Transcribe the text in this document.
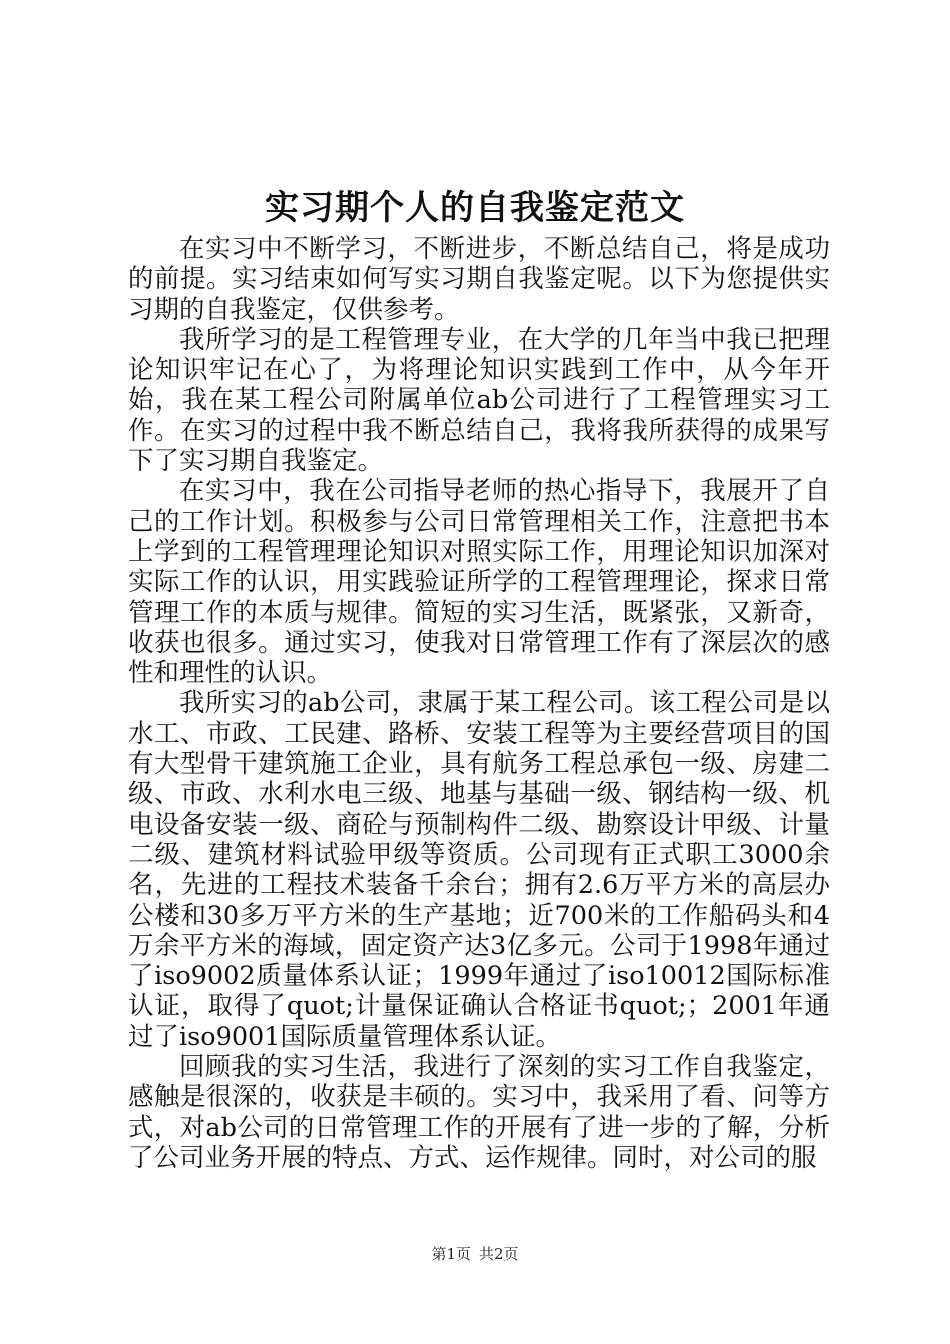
实习期个人的自我鉴定范文

在实习中不断学习，不断进步，不断总结自己，将是成功的前提。实习结束如何写实习期自我鉴定呢。以下为您提供实习期的自我鉴定，仅供参考。

我所学习的是工程管理专业，在大学的几年当中我已把理论知识牢记在心了，为将理论知识实践到工作中，从今年开始，我在某工程公司附属单位ab公司进行了工程管理实习工作。在实习的过程中我不断总结自己，我将我所获得的成果写下了实习期自我鉴定。

在实习中，我在公司指导老师的热心指导下，我展开了自己的工作计划。积极参与公司日常管理相关工作，注意把书本上学到的工程管理理论知识对照实际工作，用理论知识加深对实际工作的认识，用实践验证所学的工程管理理论，探求日常管理工作的本质与规律。简短的实习生活，既紧张，又新奇，收获也很多。通过实习，使我对日常管理工作有了深层次的感性和理性的认识。

我所实习的ab公司，隶属于某工程公司。该工程公司是以水工、市政、工民建、路桥、安装工程等为主要经营项目的国有大型骨干建筑施工企业，具有航务工程总承包一级、房建二级、市政、水利水电三级、地基与基础一级、钢结构一级、机电设备安装一级、商砼与预制构件二级、勘察设计甲级、计量二级、建筑材料试验甲级等资质。公司现有正式职工3000余名，先进的工程技术装备千余台；拥有2.6万平方米的高层办公楼和30多万平方米的生产基地；近700米的工作船码头和4万余平方米的海域，固定资产达3亿多元。公司于1998年通过了iso9002质量体系认证；1999年通过了iso10012国际标准认证，取得了quot;计量保证确认合格证书quot;；2001年通过了iso9001国际质量管理体系认证。

回顾我的实习生活，我进行了深刻的实习工作自我鉴定，感触是很深的，收获是丰硕的。实习中，我采用了看、问等方式，对ab公司的日常管理工作的开展有了进一步的了解，分析了公司业务开展的特点、方式、运作规律。同时，对公司的服

第1页 共2页
